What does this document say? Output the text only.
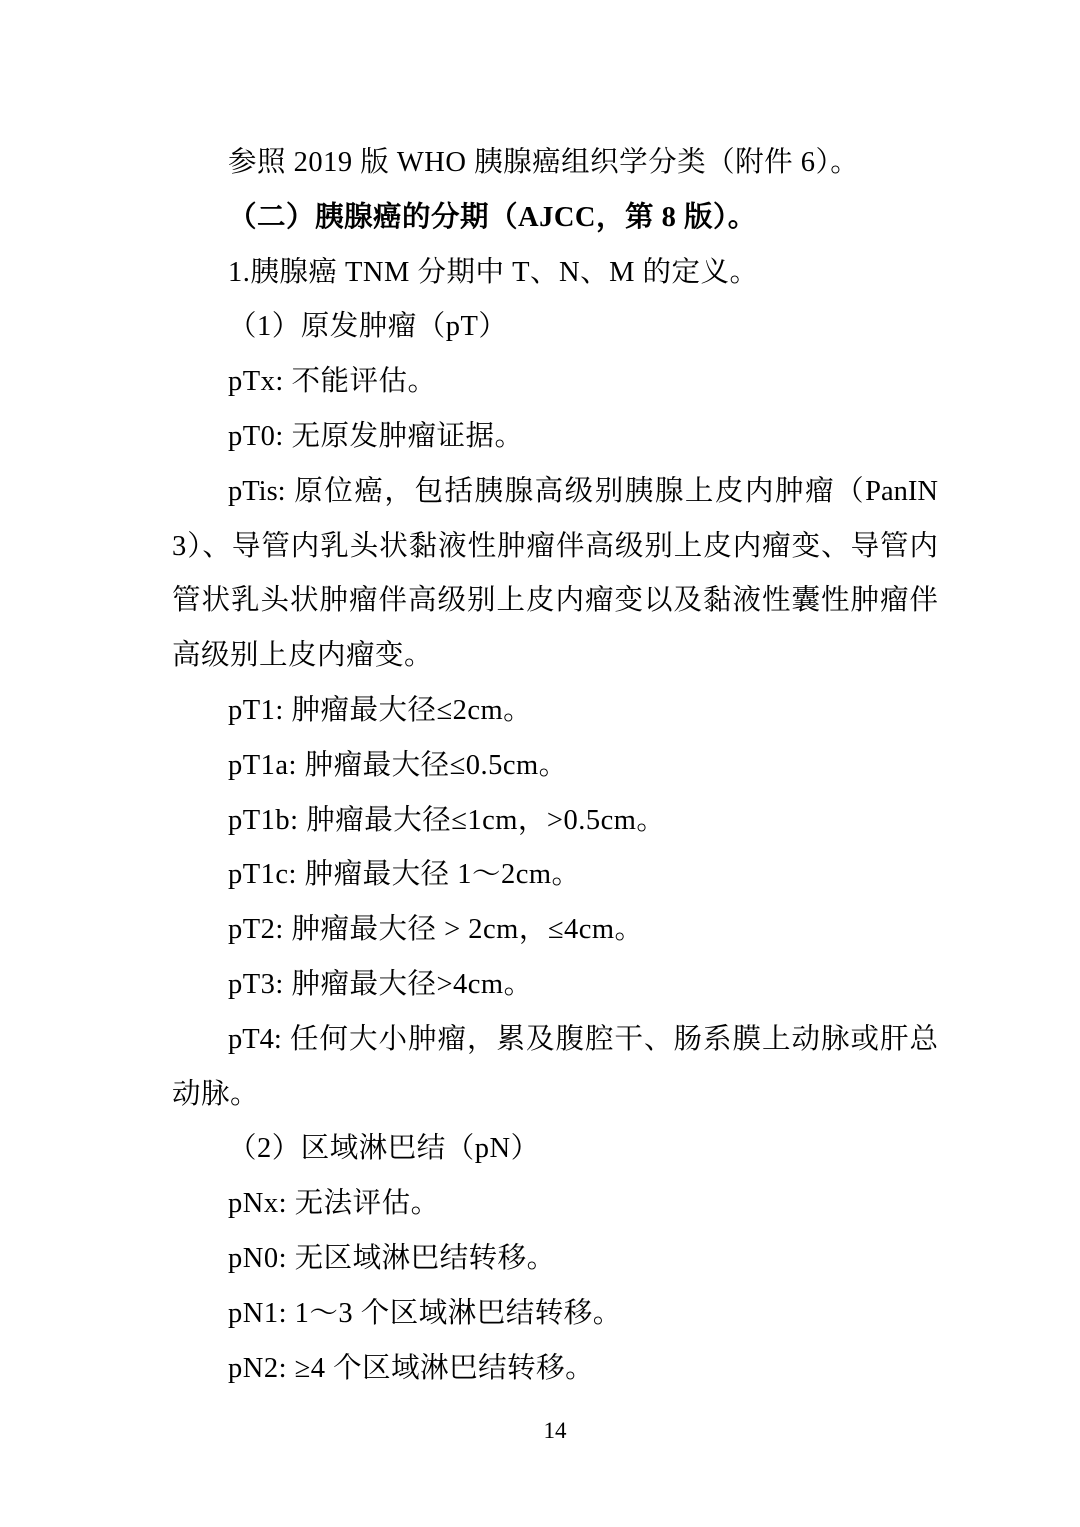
参照 2019 版 WHO 胰腺癌组织学分类（附件 6）。
（二）胰腺癌的分期（AJCC，第 8 版）。
1.胰腺癌 TNM 分期中 T、N、M 的定义。
（1）原发肿瘤（pT）
pTx: 不能评估。
pT0: 无原发肿瘤证据。
pTis: 原位癌，包括胰腺高级别胰腺上皮内肿瘤（PanIN
3）、导管内乳头状黏液性肿瘤伴高级别上皮内瘤变、导管内
管状乳头状肿瘤伴高级别上皮内瘤变以及黏液性囊性肿瘤伴
高级别上皮内瘤变。
pT1: 肿瘤最大径≤2cm。
pT1a: 肿瘤最大径≤0.5cm。
pT1b: 肿瘤最大径≤1cm，>0.5cm。
pT1c: 肿瘤最大径 1～2cm。
pT2: 肿瘤最大径 > 2cm，≤4cm。
pT3: 肿瘤最大径>4cm。
pT4: 任何大小肿瘤，累及腹腔干、肠系膜上动脉或肝总
动脉。
（2）区域淋巴结（pN）
pNx: 无法评估。
pN0: 无区域淋巴结转移。
pN1: 1～3 个区域淋巴结转移。
pN2: ≥4 个区域淋巴结转移。
14
